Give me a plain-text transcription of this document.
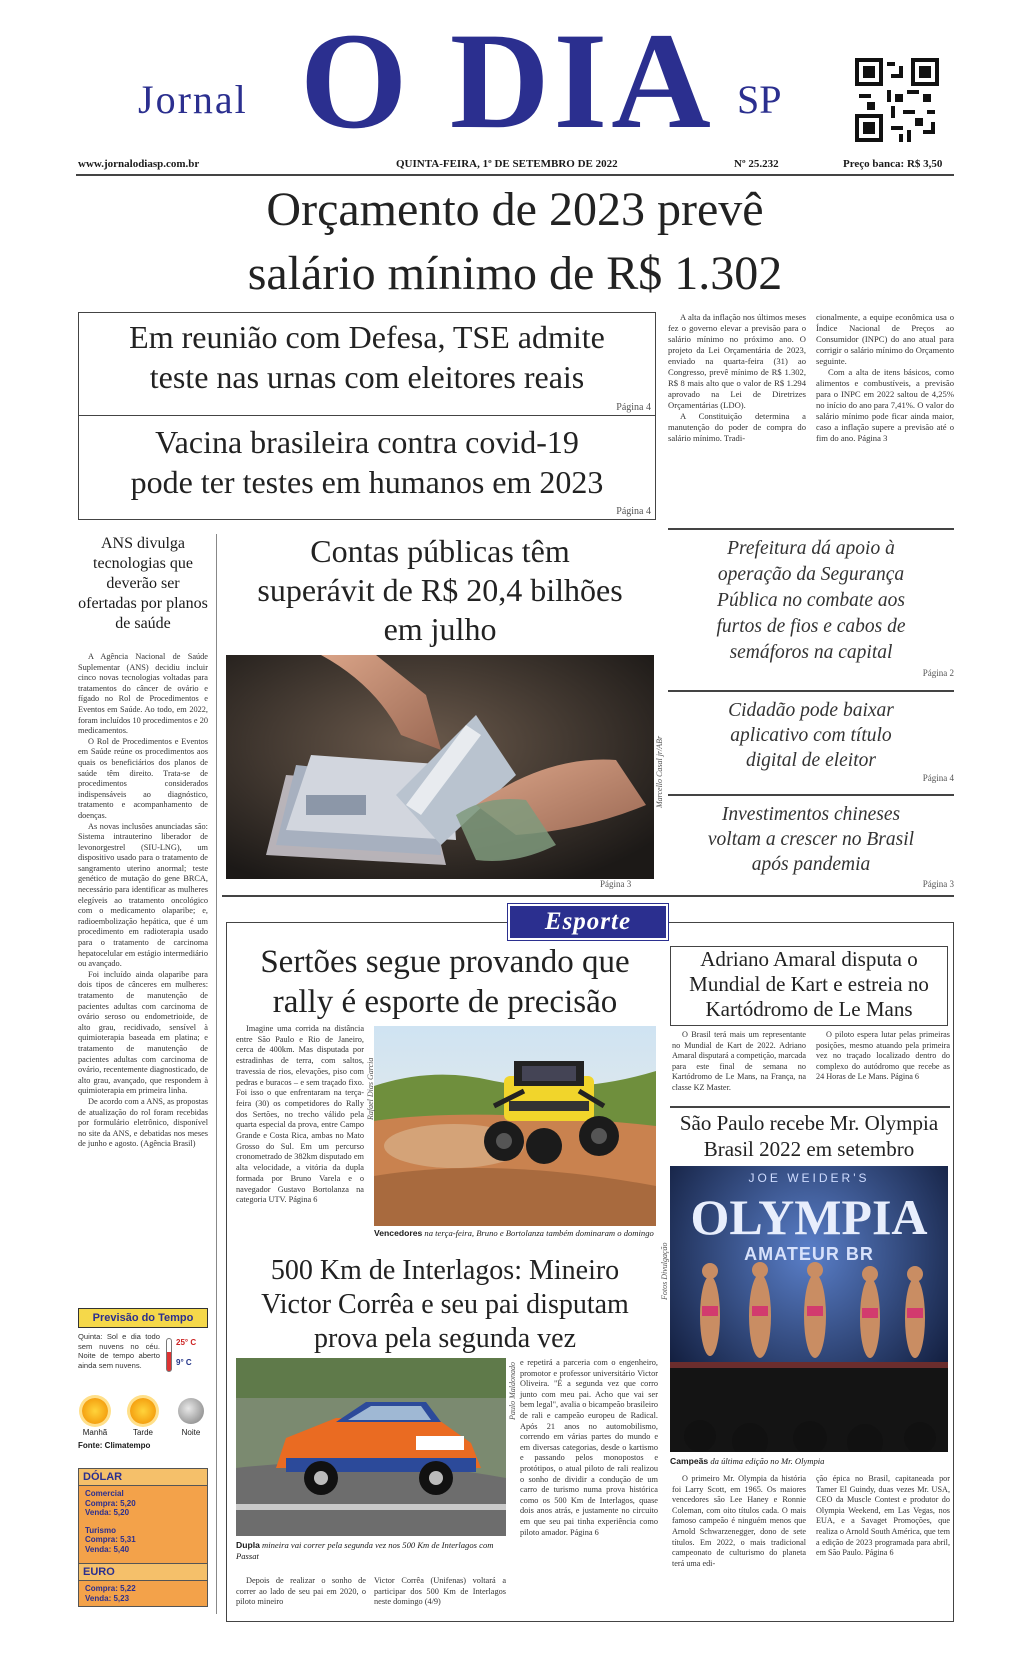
Jornal O DIA SP
www.jornalodiasp.com.br	QUINTA-FEIRA, 1º DE SETEMBRO DE 2022	Nº 25.232	Preço banca: R$ 3,50
Orçamento de 2023 prevê
salário mínimo de R$ 1.302
Em reunião com Defesa, TSE admite
teste nas urnas com eleitores reais
Página 4
Vacina brasileira contra covid-19
pode ter testes em humanos em 2023
Página 4

A alta da inflação nos últimos meses fez o governo elevar a previsão para o salário mínimo no próximo ano. O projeto da Lei Orçamentária de 2023, enviado na quarta-feira (31) ao Congresso, prevê mínimo de R$ 1.302, R$ 8 mais alto que o valor de R$ 1.294 aprovado na Lei de Diretrizes Orçamentárias (LDO).

A Constituição determina a manutenção do poder de compra do salário mínimo. Tradi-

cionalmente, a equipe econômica usa o Índice Nacional de Preços ao Consumidor (INPC) do ano atual para corrigir o salário mínimo do Orçamento seguinte.

Com a alta de itens básicos, como alimentos e combustíveis, a previsão para o INPC em 2022 saltou de 4,25% no início do ano para 7,41%. O valor do salário mínimo pode ficar ainda maior, caso a inflação supere a previsão até o fim do ano. Página 3

ANS divulga tecnologias que deverão ser ofertadas por planos de saúde

A Agência Nacional de Saúde Suplementar (ANS) decidiu incluir cinco novas tecnologias voltadas para tratamentos do câncer de ovário e fígado no Rol de Procedimentos e Eventos em Saúde. Ao todo, em 2022, foram incluídos 10 procedimentos e 20 medicamentos.

O Rol de Procedimentos e Eventos em Saúde reúne os procedimentos aos quais os beneficiários dos planos de saúde têm direito. Trata-se de procedimentos considerados indispensáveis ao diagnóstico, tratamento e acompanhamento de doenças.

As novas inclusões anunciadas são: Sistema intrauterino liberador de levonorgestrel (SIU-LNG), um dispositivo usado para o tratamento de sangramento uterino anormal; teste genético de mutação do gene BRCA, necessário para identificar as mulheres elegíveis ao tratamento oncológico com o medicamento olaparibe; e, radioembolização hepática, que é um procedimento em radioterapia usado para o tratamento de carcinoma hepatocelular em estágio intermediário ou avançado.

Foi incluído ainda olaparibe para dois tipos de cânceres em mulheres: tratamento de manutenção de pacientes adultas com carcinoma de ovário seroso ou endometrioide, de alto grau, recidivado, sensível à quimioterapia baseada em platina; e tratamento de manutenção de pacientes adultas com carcinoma de ovário, recentemente diagnosticado, de alto grau, avançado, que respondem à quimioterapia em primeira linha.

De acordo com a ANS, as propostas de atualização do rol foram recebidas por formulário eletrônico, disponível no site da ANS, e debatidas nos meses de junho e agosto. (Agência Brasil)

Contas públicas têm
superávit de R$ 20,4 bilhões
em julho
Marcello Casal jr/ABr
Página 3
Prefeitura dá apoio à
operação da Segurança
Pública no combate aos
furtos de fios e cabos de
semáforos na capital
Página 2
Cidadão pode baixar
aplicativo com título
digital de eleitor
Página 4
Investimentos chineses
voltam a crescer no Brasil
após pandemia
Página 3
Previsão do Tempo
Quinta: Sol e dia todo sem nuvens no céu. Noite de tempo aberto ainda sem nuvens.
25° C
9° C
Manhã	Tarde	Noite
Fonte: Climatempo
DÓLAR
Comercial
Compra: 5,20
Venda: 5,20
Turismo
Compra: 5,31
Venda: 5,40
EURO
Compra: 5,22
Venda: 5,23
Esporte
Sertões segue provando que
rally é esporte de precisão
Imagine uma corrida na distância entre São Paulo e Rio de Janeiro, cerca de 400km. Mas disputada por estradinhas de terra, com saltos, travessia de rios, elevações, piso com pedras e buracos – e sem traçado fixo. Foi isso o que enfrentaram na terça-feira (30) os competidores do Rally dos Sertões, no trecho válido pela quarta especial da prova, entre Campo Grande e Costa Rica, ambas no Mato Grosso do Sul. Em um percurso cronometrado de 382km disputado em alta velocidade, a vitória da dupla formada por Bruno Varela e o navegador Gustavo Bortolanza na categoria UTV. Página 6
Rafael Dias Garcia
Vencedores na terça-feira, Bruno e Bortolanza também dominaram o domingo
500 Km de Interlagos: Mineiro
Victor Corrêa e seu pai disputam
prova pela segunda vez
Paulo Maldonado
Dupla mineira vai correr pela segunda vez nos 500 Km de Interlagos com Passat
Depois de realizar o sonho de correr ao lado de seu pai em 2020, o piloto mineiro
Victor Corrêa (Unifenas) voltará a participar dos 500 Km de Interlagos neste domingo (4/9)
e repetirá a parceria com o engenheiro, promotor e professor universitário Victor Oliveira. "É a segunda vez que corro junto com meu pai. Acho que vai ser bem legal", avalia o bicampeão brasileiro de rali e campeão europeu de Radical. Após 21 anos no automobilismo, correndo em várias partes do mundo e em diversas categorias, desde o kartismo e passando pelos monopostos e protótipos, o atual piloto de rali realizou o sonho de dividir a condução de um carro de turismo numa prova histórica como os 500 Km de Interlagos, quase dois anos atrás, e justamente no circuito em que seu pai tinha experiência como piloto amador. Página 6
Adriano Amaral disputa o
Mundial de Kart e estreia no
Kartódromo de Le Mans
O Brasil terá mais um representante no Mundial de Kart de 2022. Adriano Amaral disputará a competição, marcada para este final de semana no Kartódromo de Le Mans, na França, na classe KZ Master.
O piloto espera lutar pelas primeiras posições, mesmo atuando pela primeira vez no traçado localizado dentro do complexo do autódromo que recebe as 24 Horas de Le Mans. Página 6
São Paulo recebe Mr. Olympia
Brasil 2022 em setembro
JOE WEIDER'S
OLYMPIA
AMATEUR BR
Fotos Divulgação
Campeãs da última edição no Mr. Olympia
O primeiro Mr. Olympia da história foi Larry Scott, em 1965. Os maiores vencedores são Lee Haney e Ronnie Coleman, com oito títulos cada. O mais famoso campeão é ninguém menos que Arnold Schwarzenegger, dono de sete títulos. Em 2022, o mais tradicional campeonato de culturismo do planeta terá uma edi-
ção épica no Brasil, capitaneada por Tamer El Guindy, duas vezes Mr. USA, CEO da Muscle Contest e produtor do Olympia Weekend, em Las Vegas, nos EUA, e a Savaget Promoções, que realiza o Arnold South América, que tem a edição de 2023 programada para abril, em São Paulo. Página 6
